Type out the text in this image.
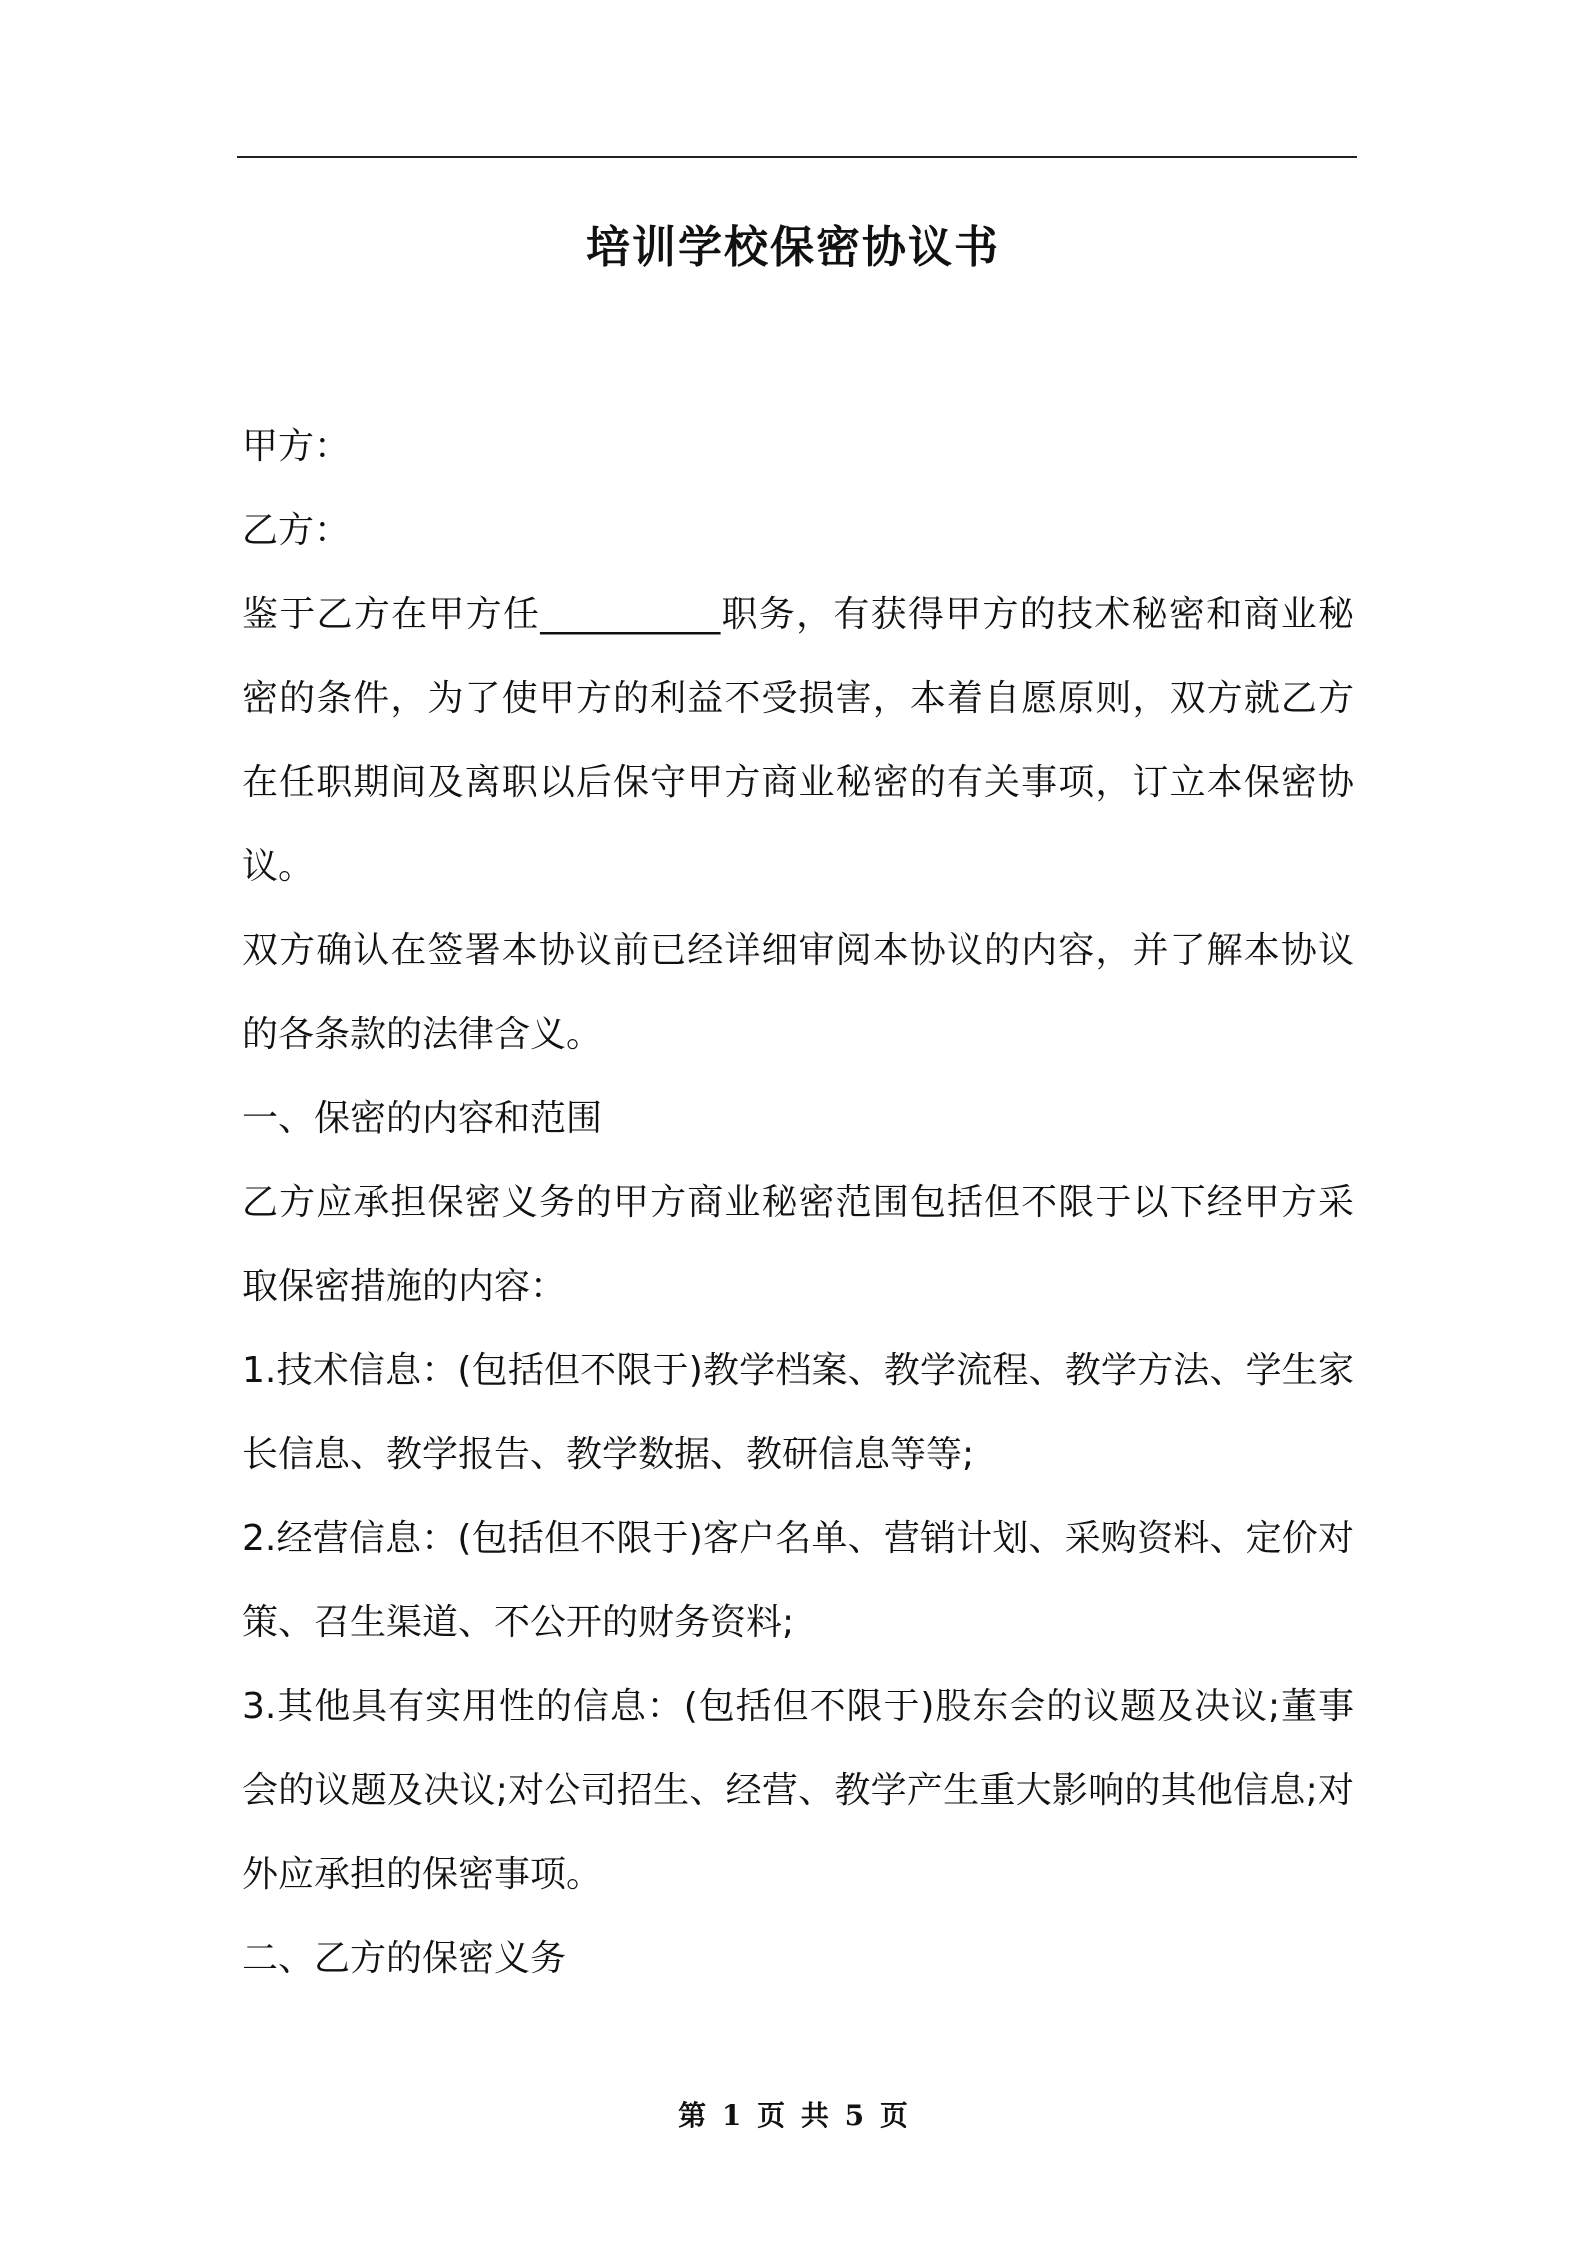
培训学校保密协议书

甲方：

乙方：

鉴于乙方在甲方任__________职务，有获得甲方的技术秘密和商业秘密的条件，为了使甲方的利益不受损害，本着自愿原则，双方就乙方在任职期间及离职以后保守甲方商业秘密的有关事项，订立本保密协议。

双方确认在签署本协议前已经详细审阅本协议的内容，并了解本协议的各条款的法律含义。

一、保密的内容和范围

乙方应承担保密义务的甲方商业秘密范围包括但不限于以下经甲方采取保密措施的内容：

1.技术信息：(包括但不限于)教学档案、教学流程、教学方法、学生家长信息、教学报告、教学数据、教研信息等等;

2.经营信息：(包括但不限于)客户名单、营销计划、采购资料、定价对策、召生渠道、不公开的财务资料;

3.其他具有实用性的信息：(包括但不限于)股东会的议题及决议;董事会的议题及决议;对公司招生、经营、教学产生重大影响的其他信息;对外应承担的保密事项。

二、乙方的保密义务

第 1 页 共 5 页
